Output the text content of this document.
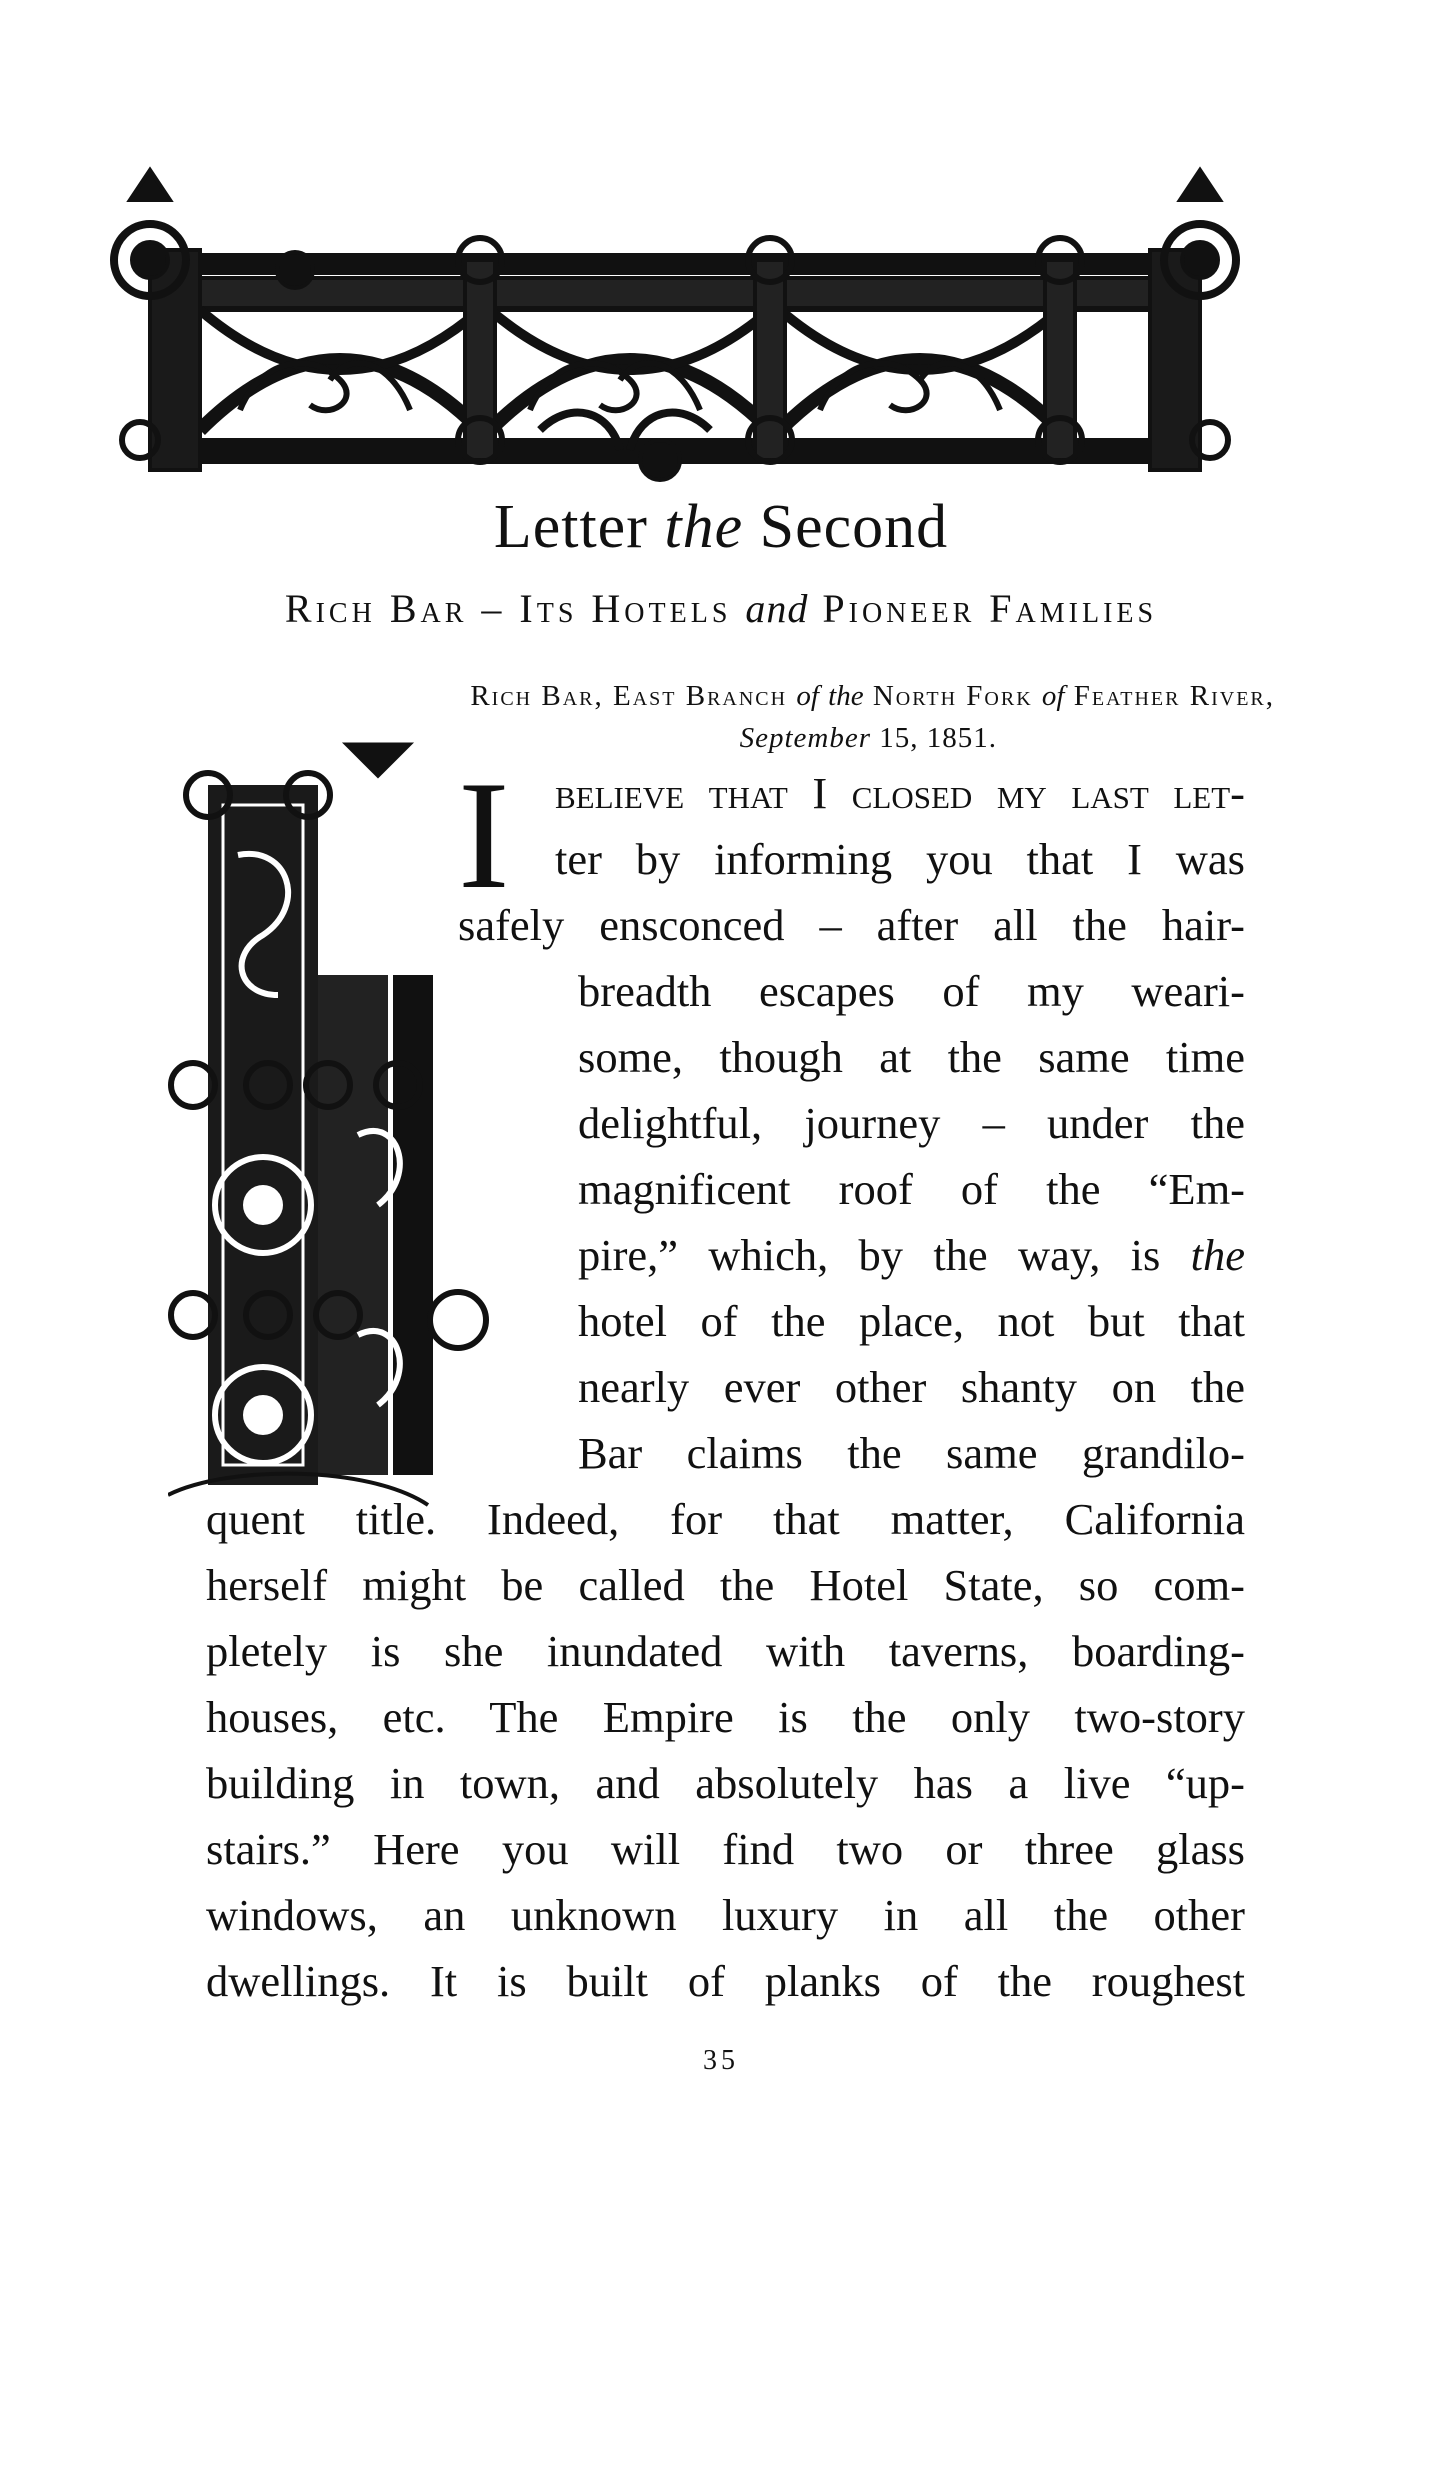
Letter the Second
Rich Bar – Its Hotels and Pioneer Families
Rich Bar, East Branch of the North Fork of Feather River,
September 15, 1851.
I believe that I closed my last let-
ter by informing you that I was
safely ensconced – after all the hair-
breadth escapes of my weari-
some, though at the same time
delightful, journey – under the
magnificent roof of the “Em-
pire,” which, by the way, is the
hotel of the place, not but that
nearly ever other shanty on the
Bar claims the same grandilo-
quent title. Indeed, for that matter, California
herself might be called the Hotel State, so com-
pletely is she inundated with taverns, boarding-
houses, etc. The Empire is the only two-story
building in town, and absolutely has a live “up-
stairs.” Here you will find two or three glass
windows, an unknown luxury in all the other
dwellings. It is built of planks of the roughest
35
